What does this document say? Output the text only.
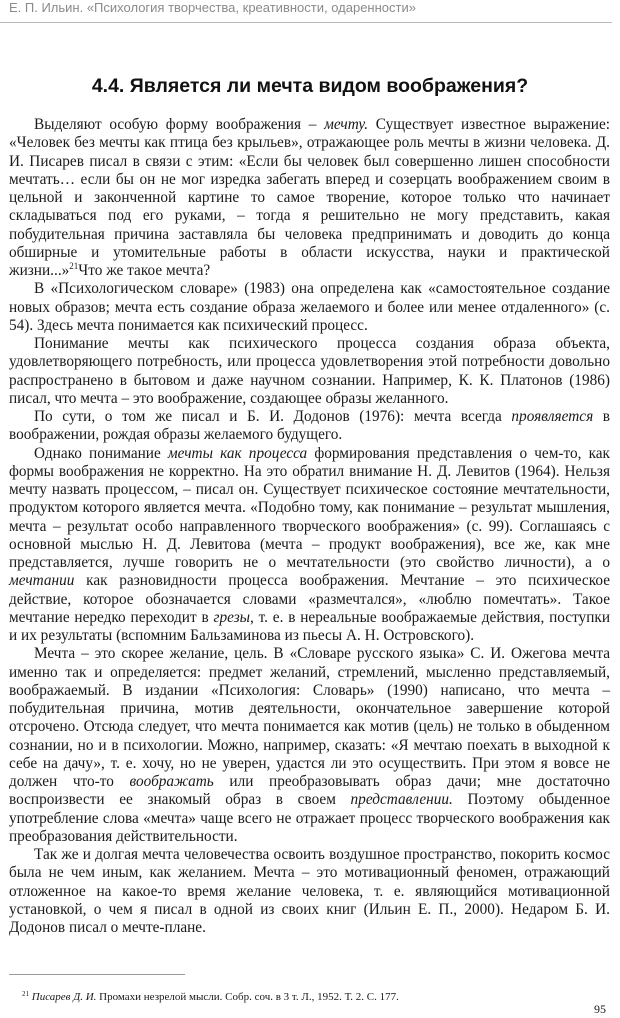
Е. П. Ильин. «Психология творчества, креативности, одаренности»
4.4. Является ли мечта видом воображения?

Выделяют особую форму воображения – мечту. Существует известное выражение: «Человек без мечты как птица без крыльев», отражающее роль мечты в жизни человека. Д. И. Писарев писал в связи с этим: «Если бы человек был совершенно лишен способности мечтать… если бы он не мог изредка забегать вперед и созерцать воображением своим в цельной и законченной картине то самое творение, которое только что начинает складываться под его руками, – тогда я решительно не могу представить, какая побудительная причина заставляла бы человека предпринимать и доводить до конца обширные и утомительные работы в области искусства, науки и практической жизни...»$^{21}$Что же такое мечта?

В «Психологическом словаре» (1983) она определена как «самостоятельное создание новых образов; мечта есть создание образа желаемого и более или менее отдаленного» (с. 54). Здесь мечта понимается как психический процесс.

Понимание мечты как психического процесса создания образа объекта, удовлетворяющего потребность, или процесса удовлетворения этой потребности довольно распространено в бытовом и даже научном сознании. Например, К. К. Платонов (1986) писал, что мечта – это воображение, создающее образы желанного.

По сути, о том же писал и Б. И. Додонов (1976): мечта всегда проявляется в воображении, рождая образы желаемого будущего.

Однако понимание мечты как процесса формирования представления о чем-то, как формы воображения не корректно. На это обратил внимание Н. Д. Левитов (1964). Нельзя мечту назвать процессом, – писал он. Существует психическое состояние мечтательности, продуктом которого является мечта. «Подобно тому, как понимание – результат мышления, мечта – результат особо направленного творческого воображения» (с. 99). Соглашаясь с основной мыслью Н. Д. Левитова (мечта – продукт воображения), все же, как мне представляется, лучше говорить не о мечтательности (это свойство личности), а о мечтании как разновидности процесса воображения. Мечтание – это психическое действие, которое обозначается словами «размечтался», «люблю помечтать». Такое мечтание нередко переходит в грезы, т. е. в нереальные воображаемые действия, поступки и их результаты (вспомним Бальзаминова из пьесы А. Н. Островского).

Мечта – это скорее желание, цель. В «Словаре русского языка» С. И. Ожегова мечта именно так и определяется: предмет желаний, стремлений, мысленно представляемый, воображаемый. В издании «Психология: Словарь» (1990) написано, что мечта – побудительная причина, мотив деятельности, окончательное завершение которой отсрочено. Отсюда следует, что мечта понимается как мотив (цель) не только в обыденном сознании, но и в психологии. Можно, например, сказать: «Я мечтаю поехать в выходной к себе на дачу», т. е. хочу, но не уверен, удастся ли это осуществить. При этом я вовсе не должен что-то воображать или преобразовывать образ дачи; мне достаточно воспроизвести ее знакомый образ в своем представлении. Поэтому обыденное употребление слова «мечта» чаще всего не отражает процесс творческого воображения как преобразования действительности.

Так же и долгая мечта человечества освоить воздушное пространство, покорить космос была не чем иным, как желанием. Мечта – это мотивационный феномен, отражающий отложенное на какое-то время желание человека, т. е. являющийся мотивационной установкой, о чем я писал в одной из своих книг (Ильин Е. П., 2000). Недаром Б. И. Додонов писал о мечте-плане.

$^{21}$ Писарев Д. И. Промахи незрелой мысли. Собр. соч. в 3 т. Л., 1952. Т. 2. С. 177.
95
